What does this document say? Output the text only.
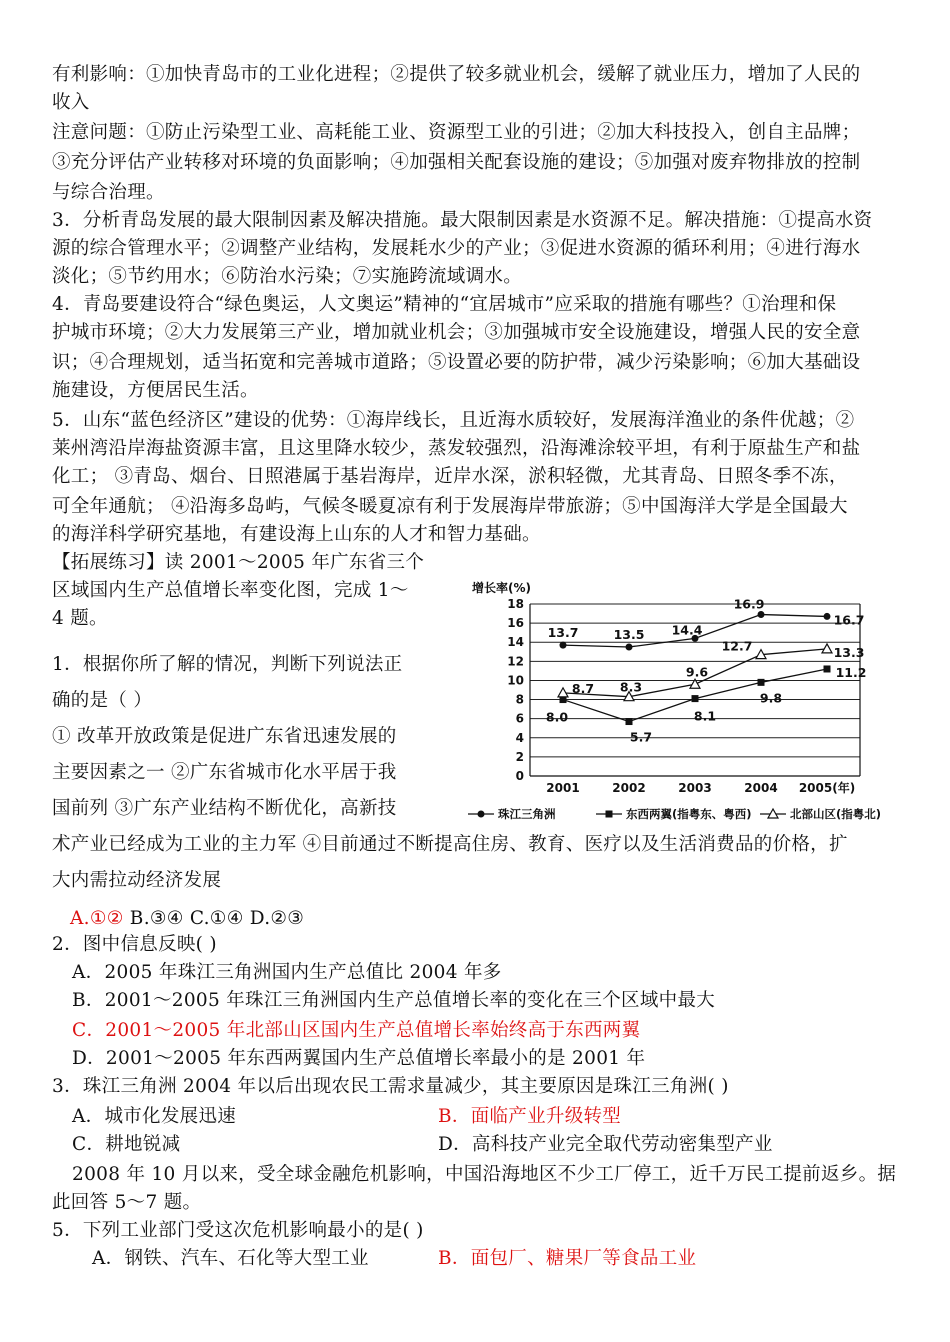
有利影响：①加快青岛市的工业化进程；②提供了较多就业机会，缓解了就业压力，增加了人民的
收入
注意问题：①防止污染型工业、高耗能工业、资源型工业的引进；②加大科技投入，创自主品牌；
③充分评估产业转移对环境的负面影响；④加强相关配套设施的建设；⑤加强对废弃物排放的控制
与综合治理。
3．分析青岛发展的最大限制因素及解决措施。最大限制因素是水资源不足。解决措施：①提高水资
源的综合管理水平；②调整产业结构，发展耗水少的产业；③促进水资源的循环利用；④进行海水
淡化；⑤节约用水；⑥防治水污染；⑦实施跨流域调水。
4．青岛要建设符合“绿色奥运，人文奥运”精神的“宜居城市”应采取的措施有哪些？①治理和保
护城市环境；②大力发展第三产业，增加就业机会；③加强城市安全设施建设，增强人民的安全意
识；④合理规划，适当拓宽和完善城市道路；⑤设置必要的防护带，减少污染影响；⑥加大基础设
施建设，方便居民生活。
5．山东“蓝色经济区”建设的优势：①海岸线长，且近海水质较好，发展海洋渔业的条件优越；②
莱州湾沿岸海盐资源丰富，且这里降水较少，蒸发较强烈，沿海滩涂较平坦，有利于原盐生产和盐
化工； ③青岛、烟台、日照港属于基岩海岸，近岸水深，淤积轻微，尤其青岛、日照冬季不冻，
可全年通航； ④沿海多岛屿，气候冬暖夏凉有利于发展海岸带旅游；⑤中国海洋大学是全国最大
的海洋科学研究基地，有建设海上山东的人才和智力基础。
【拓展练习】读 2001～2005 年广东省三个
区域国内生产总值增长率变化图，完成 1～
4 题。
1．根据你所了解的情况，判断下列说法正
确的是（ ）
① 改革开放政策是促进广东省迅速发展的
主要因素之一 ②广东省城市化水平居于我
国前列 ③广东产业结构不断优化，高新技
术产业已经成为工业的主力军 ④目前通过不断提高住房、教育、医疗以及生活消费品的价格，扩
大内需拉动经济发展
A.①② B.③④ C.①④ D.②③
2．图中信息反映( )
A．2005 年珠江三角洲国内生产总值比 2004 年多
B．2001～2005 年珠江三角洲国内生产总值增长率的变化在三个区域中最大
C．2001～2005 年北部山区国内生产总值增长率始终高于东西两翼
D．2001～2005 年东西两翼国内生产总值增长率最小的是 2001 年
3．珠江三角洲 2004 年以后出现农民工需求量减少，其主要原因是珠江三角洲( )
A．城市化发展迅速	B．面临产业升级转型
C．耕地锐减	D．高科技产业完全取代劳动密集型产业
2008 年 10 月以来，受全球金融危机影响，中国沿海地区不少工厂停工，近千万民工提前返乡。据
此回答 5～7 题。
5．下列工业部门受这次危机影响最小的是( )
A．钢铁、汽车、石化等大型工业	B．面包厂、糖果厂等食品工业
0
2
4
6
8
10
12
14
16
18
增长率(%)
2001	2002	2003	2004 2005(年)
13.7	13.5 14.4
16.9
16.7
8.0
5.7
8.1
9.8
11.2
8.7 8.3
9.6
12.7	13.3
珠江三角洲	东西两翼(指粤东、粤西)	北部山区(指粤北)
